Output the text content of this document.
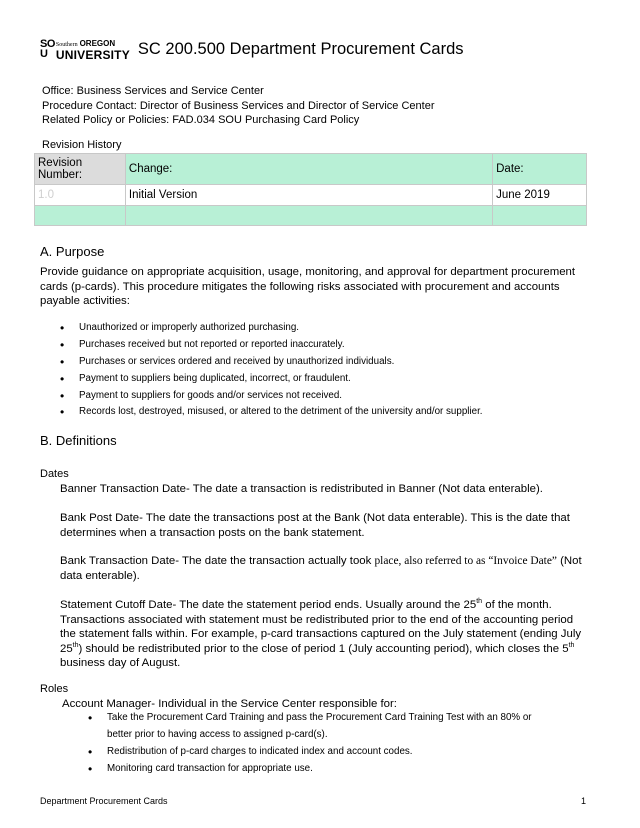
SO
U
Southern OREGON
UNIVERSITY SC 200.500 Department Procurement Cards
Office: Business Services and Service Center
Procedure Contact: Director of Business Services and Director of Service Center
Related Policy or Policies: FAD.034 SOU Purchasing Card Policy
Revision History
Revision Number:	Change:	Date:
1.0	Initial Version	June 2019

A. Purpose
Provide guidance on appropriate acquisition, usage, monitoring, and approval for department procurement cards (p-cards). This procedure mitigates the following risks associated with procurement and accounts payable activities:
• Unauthorized or improperly authorized purchasing.
• Purchases received but not reported or reported inaccurately.
• Purchases or services ordered and received by unauthorized individuals.
• Payment to suppliers being duplicated, incorrect, or fraudulent.
• Payment to suppliers for goods and/or services not received.
• Records lost, destroyed, misused, or altered to the detriment of the university and/or supplier.
B. Definitions
Dates
Banner Transaction Date- The date a transaction is redistributed in Banner (Not data enterable).
Bank Post Date- The date the transactions post at the Bank (Not data enterable). This is the date that determines when a transaction posts on the bank statement.
Bank Transaction Date- The date the transaction actually took place, also referred to as “Invoice Date” (Not data enterable).
Statement Cutoff Date- The date the statement period ends. Usually around the 25th of the month. Transactions associated with statement must be redistributed prior to the end of the accounting period the statement falls within. For example, p-card transactions captured on the July statement (ending July 25th) should be redistributed prior to the close of period 1 (July accounting period), which closes the 5th business day of August.
Roles
Account Manager- Individual in the Service Center responsible for:
• Take the Procurement Card Training and pass the Procurement Card Training Test with an 80% or
better prior to having access to assigned p-card(s).
• Redistribution of p-card charges to indicated index and account codes.
• Monitoring card transaction for appropriate use.
Department Procurement Cards	1
